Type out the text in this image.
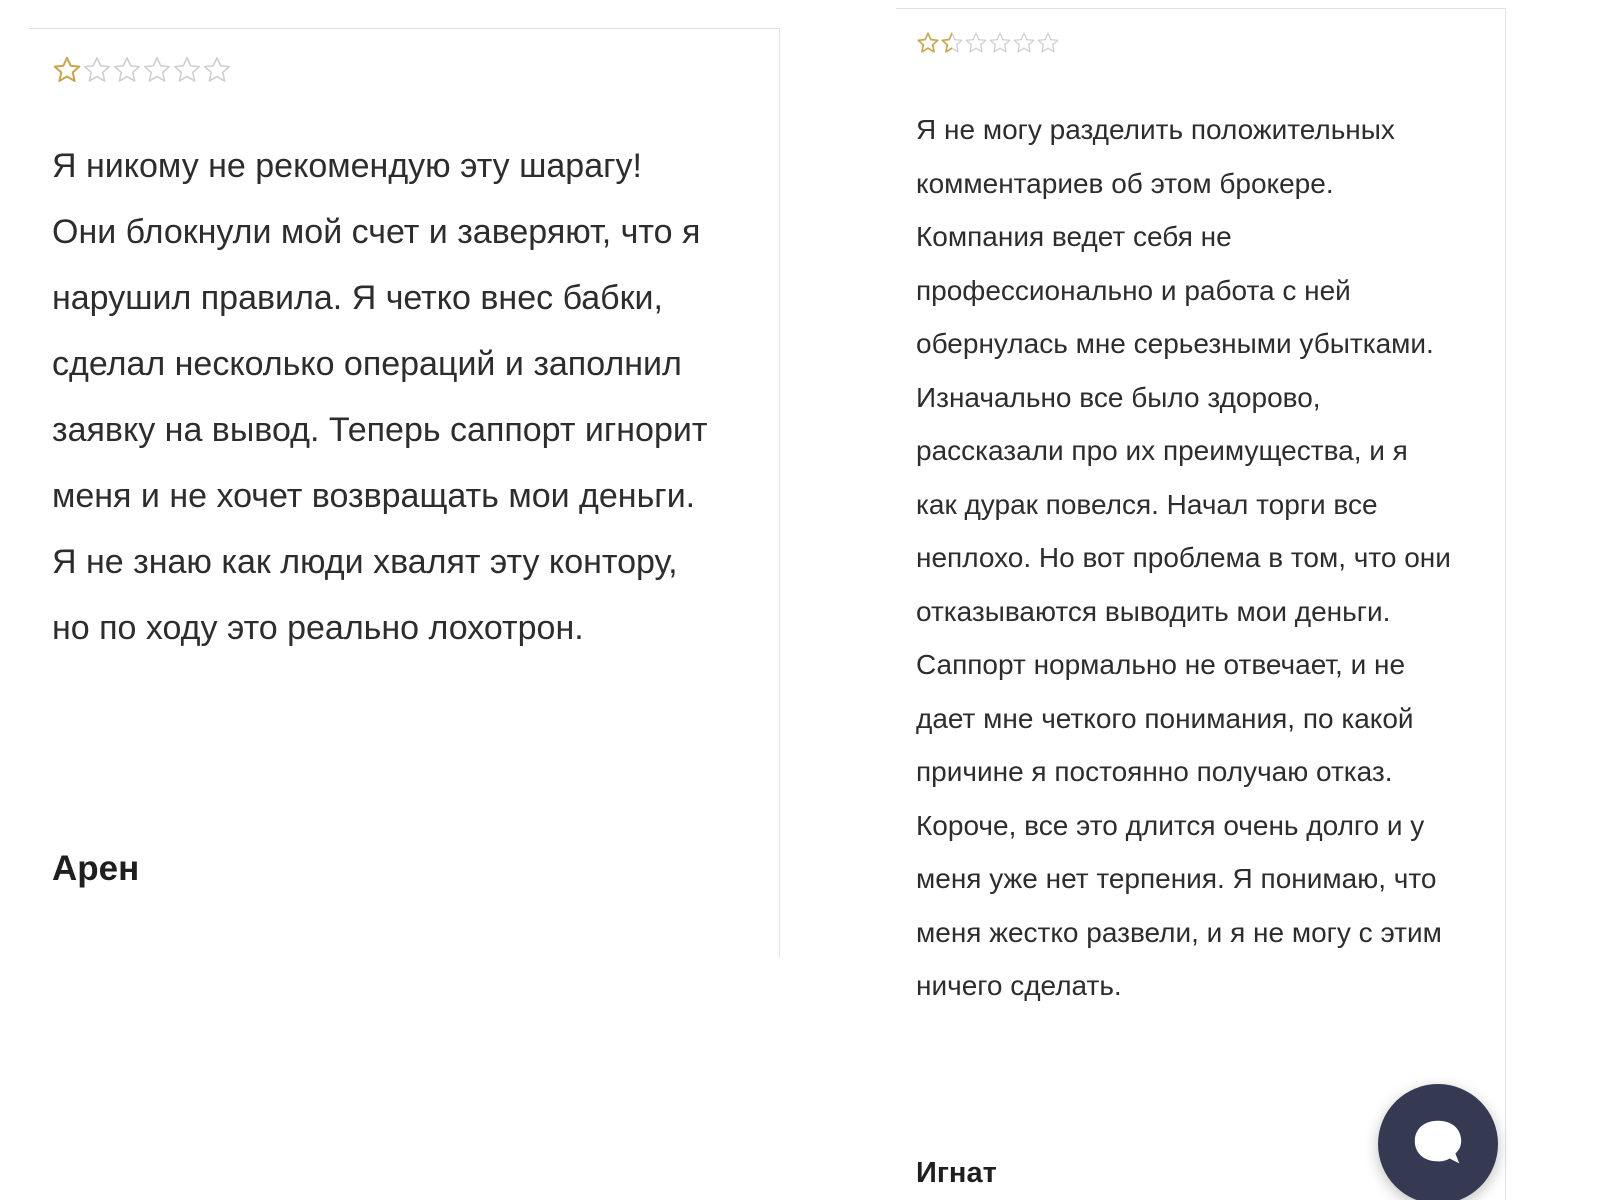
Я никому не рекомендую эту шарагу! Они блокнули мой счет и заверяют, что я нарушил правила. Я четко внес бабки, сделал несколько операций и заполнил заявку на вывод. Теперь саппорт игнорит меня и не хочет возвращать мои деньги. Я не знаю как люди хвалят эту контору, но по ходу это реально лохотрон.

Арен

Я не могу разделить положительных комментариев об этом брокере. Компания ведет себя не профессионально и работа с ней обернулась мне серьезными убытками. Изначально все было здорово, рассказали про их преимущества, и я как дурак повелся. Начал торги все неплохо. Но вот проблема в том, что они отказываются выводить мои деньги. Саппорт нормально не отвечает, и не дает мне четкого понимания, по какой причине я постоянно получаю отказ. Короче, все это длится очень долго и у меня уже нет терпения. Я понимаю, что меня жестко развели, и я не могу с этим ничего сделать.

Игнат
